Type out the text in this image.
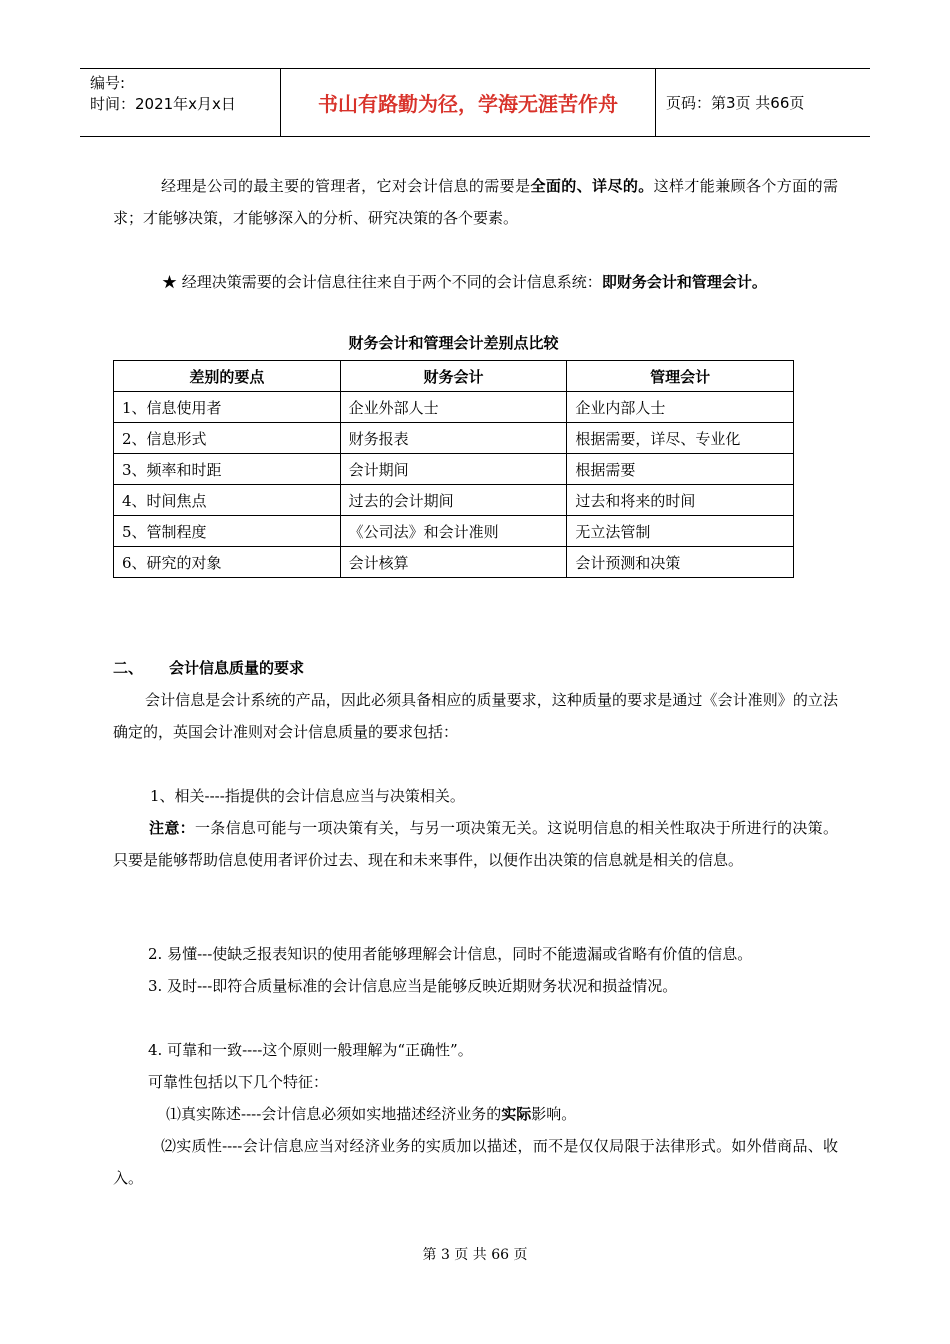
编号:
时间：2021年x月x日	书山有路勤为径，学海无涯苦作舟	页码：第3页 共66页
经理是公司的最主要的管理者，它对会计信息的需要是全面的、详尽的。这样才能兼顾各个方面的需求；才能够决策，才能够深入的分析、研究决策的各个要素。
★ 经理决策需要的会计信息往往来自于两个不同的会计信息系统：即财务会计和管理会计。
财务会计和管理会计差别点比较
差别的要点	财务会计	管理会计
1、信息使用者	企业外部人士	企业内部人士
2、信息形式	财务报表	根据需要，详尽、专业化
3、频率和时距	会计期间	根据需要
4、时间焦点	过去的会计期间	过去和将来的时间
5、管制程度	《公司法》和会计准则	无立法管制
6、研究的对象	会计核算	会计预测和决策
二、 会计信息质量的要求
会计信息是会计系统的产品，因此必须具备相应的质量要求，这种质量的要求是通过《会计准则》的立法确定的，英国会计准则对会计信息质量的要求包括：
1、相关----指提供的会计信息应当与决策相关。
注意：一条信息可能与一项决策有关，与另一项决策无关。这说明信息的相关性取决于所进行的决策。只要是能够帮助信息使用者评价过去、现在和未来事件，以便作出决策的信息就是相关的信息。
2. 易懂---使缺乏报表知识的使用者能够理解会计信息，同时不能遗漏或省略有价值的信息。
3. 及时---即符合质量标准的会计信息应当是能够反映近期财务状况和损益情况。
4. 可靠和一致----这个原则一般理解为“正确性”。
可靠性包括以下几个特征：
⑴真实陈述----会计信息必须如实地描述经济业务的实际影响。
⑵实质性----会计信息应当对经济业务的实质加以描述，而不是仅仅局限于法律形式。如外借商品、收入。
第 3 页 共 66 页
